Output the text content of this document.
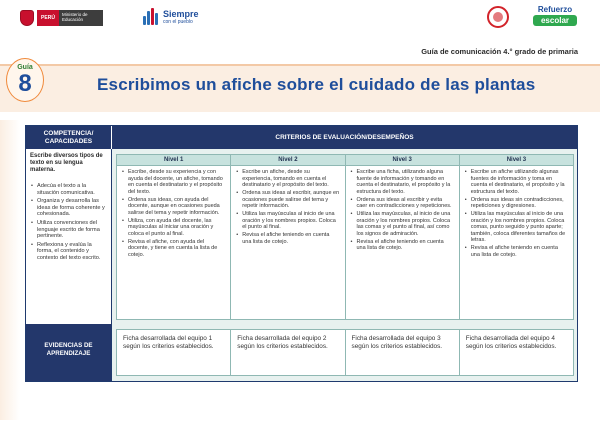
PERÚ
Ministerio de Educación
Siempre
con el pueblo
Refuerzo
escolar
Guía de comunicación 4.° grado de primaria
Guía
8	Escribimos un afiche sobre el cuidado de las plantas
COMPETENCIA/ CAPACIDADES
Escribe diversos tipos de texto en su lengua materna.
• Adecúa el texto a la situación comunicativa.
• Organiza y desarrolla las ideas de forma coherente y cohesionada.
• Utiliza convenciones del lenguaje escrito de forma pertinente.
• Reflexiona y evalúa la forma, el contenido y contexto del texto escrito.
EVIDENCIAS DE APRENDIZAJE
CRITERIOS DE EVALUACIÓN/DESEMPEÑOS
Nivel 1
• Escribe, desde su experiencia y con ayuda del docente, un afiche, tomando en cuenta el destinatario y el propósito del texto.
• Ordena sus ideas, con ayuda del docente, aunque en ocasiones pueda salirse del tema y repetir información.
• Utiliza, con ayuda del docente, las mayúsculas al iniciar una oración y coloca el punto al final.
• Revisa el afiche, con ayuda del docente, y tiene en cuenta la lista de cotejo.
Nivel 2
• Escribe un afiche, desde su experiencia, tomando en cuenta el destinatario y el propósito del texto.
• Ordena sus ideas al escribir, aunque en ocasiones puede salirse del tema y repetir información.
• Utiliza las mayúsculas al inicio de una oración y los nombres propios. Coloca el punto al final.
• Revisa el afiche teniendo en cuenta una lista de cotejo.
Nivel 3
• Escribe una ficha, utilizando alguna fuente de información y tomando en cuenta el destinatario, el propósito y la estructura del texto.
• Ordena sus ideas al escribir y evita caer en contradicciones y repeticiones.
• Utiliza las mayúsculas, al inicio de una oración y los nombres propios. Coloca las comas y el punto al final, así como los signos de admiración.
• Revisa el afiche teniendo en cuenta una lista de cotejo.
Nivel 3
• Escribe un afiche utilizando algunas fuentes de información y toma en cuenta el destinatario, el propósito y la estructura del texto.
• Ordena sus ideas sin contradicciones, repeticiones y digresiones.
• Utiliza las mayúsculas al inicio de una oración y los nombres propios. Coloca comas, punto seguido y punto aparte; también, coloca diferentes tamaños de letras.
• Revisa el afiche teniendo en cuenta una lista de cotejo.
Ficha desarrollada del equipo 1 según los criterios establecidos.
Ficha desarrollada del equipo 2 según los criterios establecidos.
Ficha desarrollada del equipo 3 según los criterios establecidos.
Ficha desarrollada del equipo 4 según los criterios establecidos.
